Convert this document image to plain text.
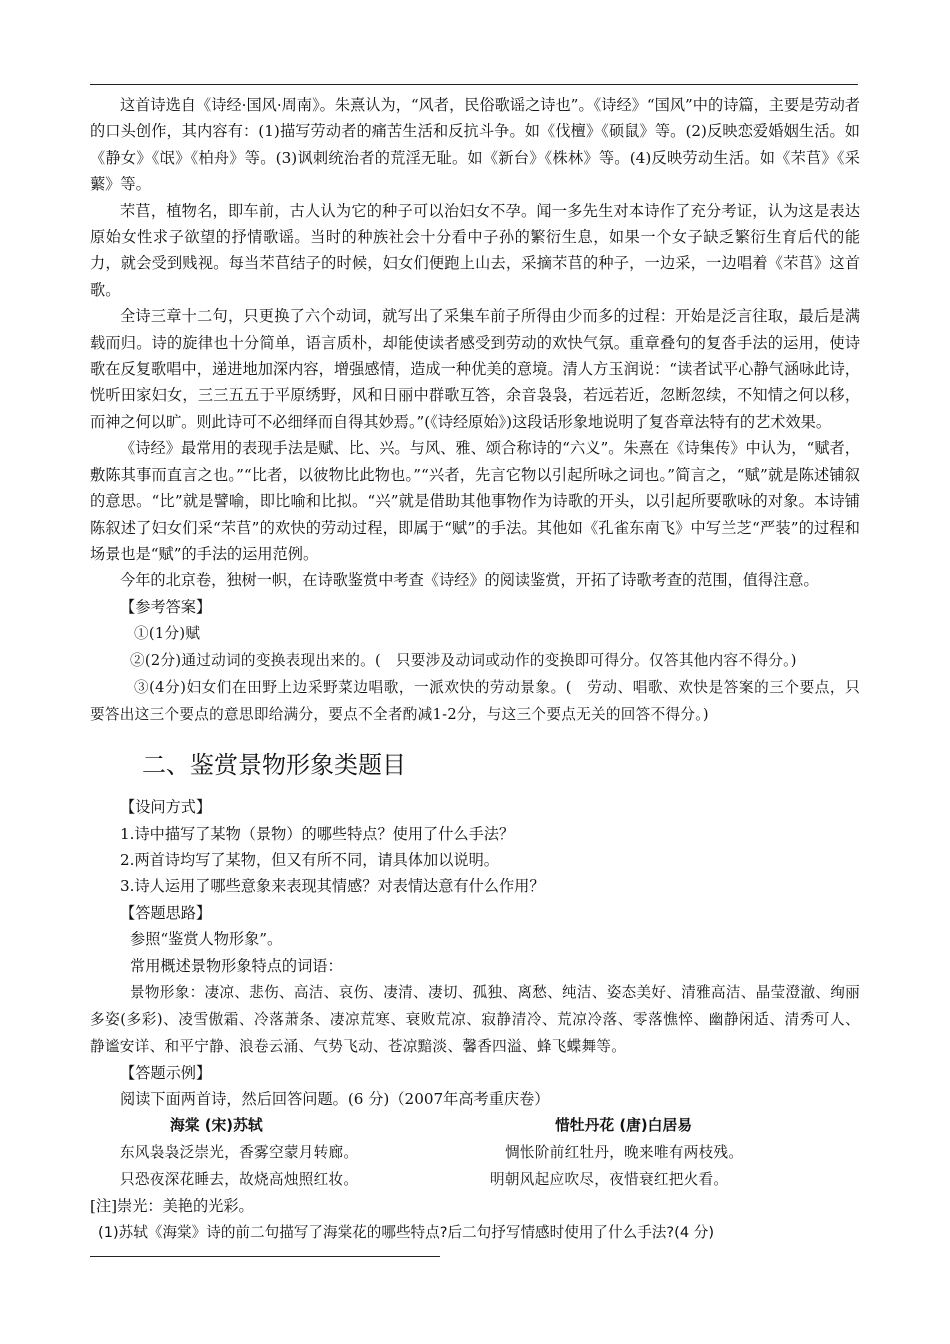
这首诗选自《诗经·国风·周南》。朱熹认为，“风者，民俗歌谣之诗也”。《诗经》“国风”中的诗篇，主要是劳动者的口头创作，其内容有：(1)描写劳动者的痛苦生活和反抗斗争。如《伐檀》《硕鼠》等。(2)反映恋爱婚姻生活。如《静女》《氓》《柏舟》等。(3)讽刺统治者的荒淫无耻。如《新台》《株林》等。(4)反映劳动生活。如《芣苢》《采蘩》等。

芣苢，植物名，即车前，古人认为它的种子可以治妇女不孕。闻一多先生对本诗作了充分考证，认为这是表达原始女性求子欲望的抒情歌谣。当时的种族社会十分看中子孙的繁衍生息，如果一个女子缺乏繁衍生育后代的能力，就会受到贱视。每当芣苢结子的时候，妇女们便跑上山去，采摘芣苢的种子，一边采，一边唱着《芣苢》这首歌。

全诗三章十二句，只更换了六个动词，就写出了采集车前子所得由少而多的过程：开始是泛言往取，最后是满载而归。诗的旋律也十分简单，语言质朴，却能使读者感受到劳动的欢快气氛。重章叠句的复沓手法的运用，使诗歌在反复歌唱中，递进地加深内容，增强感情，造成一种优美的意境。清人方玉润说：“读者试平心静气涵咏此诗，恍听田家妇女，三三五五于平原绣野，风和日丽中群歌互答，余音袅袅，若远若近，忽断忽续，不知情之何以移，而神之何以旷。则此诗可不必细绎而自得其妙焉。”(《诗经原始》)这段话形象地说明了复沓章法特有的艺术效果。

《诗经》最常用的表现手法是赋、比、兴。与风、雅、颂合称诗的“六义”。朱熹在《诗集传》中认为，“赋者，敷陈其事而直言之也。”“比者，以彼物比此物也。”“兴者，先言它物以引起所咏之词也。”简言之，“赋”就是陈述铺叙的意思。“比”就是譬喻，即比喻和比拟。“兴”就是借助其他事物作为诗歌的开头，以引起所要歌咏的对象。本诗铺陈叙述了妇女们采“芣苢”的欢快的劳动过程，即属于“赋”的手法。其他如《孔雀东南飞》中写兰芝“严装”的过程和场景也是“赋”的手法的运用范例。

今年的北京卷，独树一帜，在诗歌鉴赏中考查《诗经》的阅读鉴赏，开拓了诗歌考查的范围，值得注意。

【参考答案】
①(1分)赋
②(2分)通过动词的变换表现出来的。(　只要涉及动词或动作的变换即可得分。仅答其他内容不得分。)
③(4分)妇女们在田野上边采野菜边唱歌，一派欢快的劳动景象。(　劳动、唱歌、欢快是答案的三个要点，只要答出这三个要点的意思即给满分，要点不全者酌减1-2分，与这三个要点无关的回答不得分。)
二、鉴赏景物形象类题目
【设问方式】
1.诗中描写了某物（景物）的哪些特点？使用了什么手法？
2.两首诗均写了某物，但又有所不同，请具体加以说明。
3.诗人运用了哪些意象来表现其情感？对表情达意有什么作用？
【答题思路】
参照“鉴赏人物形象”。
常用概述景物形象特点的词语：
景物形象：凄凉、悲伤、高洁、哀伤、凄清、凄切、孤独、离愁、纯洁、姿态美好、清雅高洁、晶莹澄澈、绚丽多姿(多彩)、凌雪傲霜、冷落萧条、凄凉荒寒、衰败荒凉、寂静清冷、荒凉冷落、零落憔悴、幽静闲适、清秀可人、静谧安详、和平宁静、浪卷云涌、气势飞动、苍凉黯淡、馨香四溢、蜂飞蝶舞等。
【答题示例】
阅读下面两首诗，然后回答问题。(6 分)（2007年高考重庆卷）
海棠 (宋)苏轼	惜牡丹花 (唐)白居易
东风袅袅泛崇光，香雾空蒙月转廊。	惆怅阶前红牡丹，晚来唯有两枝残。
只恐夜深花睡去，故烧高烛照红妆。	明朝风起应吹尽，夜惜衰红把火看。
[注]崇光：美艳的光彩。
(1)苏轼《海棠》诗的前二句描写了海棠花的哪些特点?后二句抒写情感时使用了什么手法?(4 分)
